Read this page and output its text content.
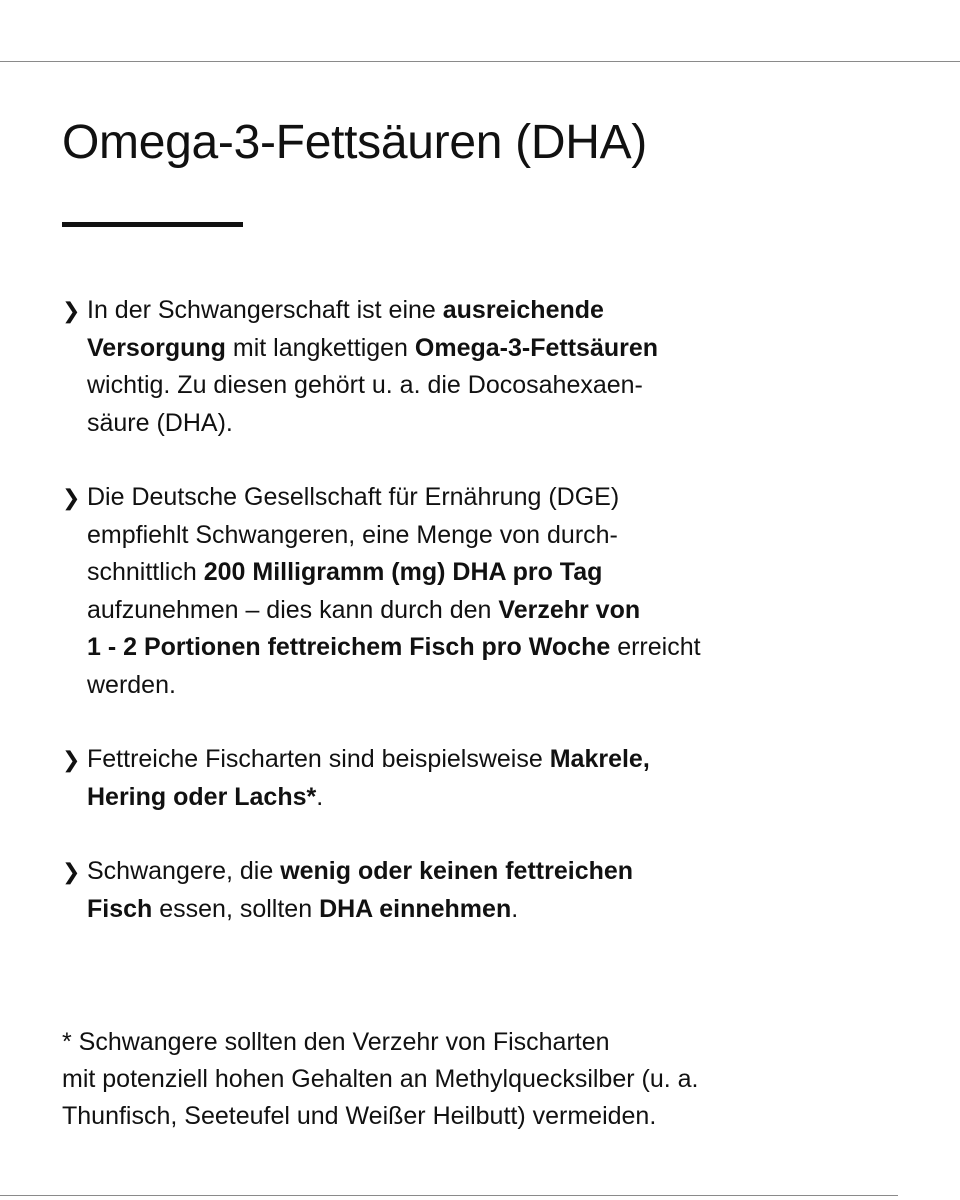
Omega-3-Fettsäuren (DHA)
❯ In der Schwangerschaft ist eine ausreichende
Versorgung mit langkettigen Omega-3-Fettsäuren
wichtig. Zu diesen gehört u. a. die Docosahexaen-
säure (DHA).
❯ Die Deutsche Gesellschaft für Ernährung (DGE)
empfiehlt Schwangeren, eine Menge von durch-
schnittlich 200 Milligramm (mg) DHA pro Tag
aufzunehmen – dies kann durch den Verzehr von
1 - 2 Portionen fettreichem Fisch pro Woche erreicht
werden.
❯ Fettreiche Fischarten sind beispielsweise Makrele,
Hering oder Lachs*.
❯ Schwangere, die wenig oder keinen fettreichen
Fisch essen, sollten DHA einnehmen.
* Schwangere sollten den Verzehr von Fischarten
mit potenziell hohen Gehalten an Methylquecksilber (u. a.
Thunfisch, Seeteufel und Weißer Heilbutt) vermeiden.
